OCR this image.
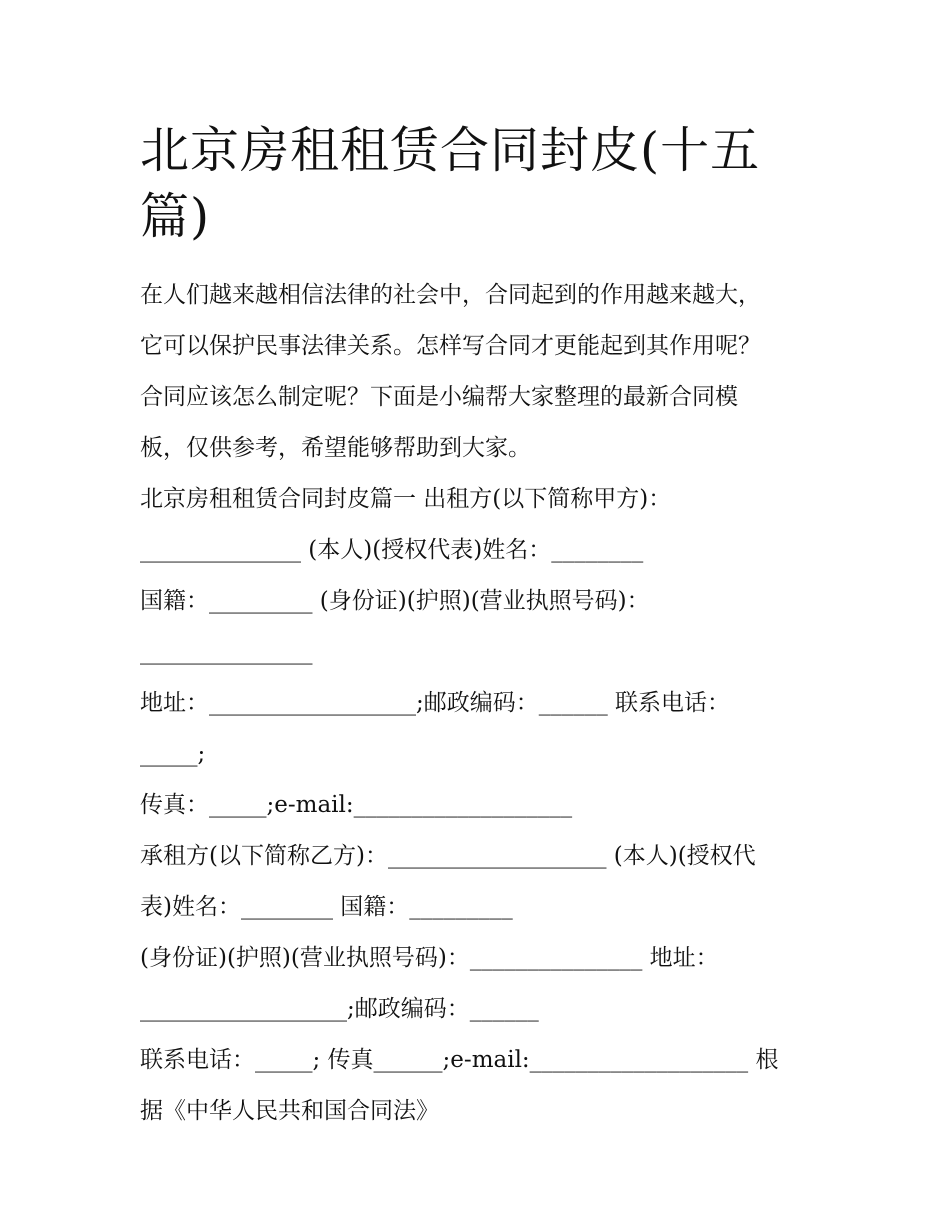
北京房租租赁合同封皮(十五
篇)
在人们越来越相信法律的社会中，合同起到的作用越来越大，
它可以保护民事法律关系。怎样写合同才更能起到其作用呢？
合同应该怎么制定呢？下面是小编帮大家整理的最新合同模
板，仅供参考，希望能够帮助到大家。
北京房租租赁合同封皮篇一 出租方(以下简称甲方)：
______________ (本人)(授权代表)姓名：________
国籍：_________ (身份证)(护照)(营业执照号码)：
_______________
地址：__________________;邮政编码：______ 联系电话：
_____;
传真：_____;e-mail:___________________
承租方(以下简称乙方)：___________________ (本人)(授权代
表)姓名：________ 国籍：_________
(身份证)(护照)(营业执照号码)：_______________ 地址：
__________________;邮政编码：______
联系电话：_____; 传真______;e-mail:___________________ 根
据《中华人民共和国合同法》
